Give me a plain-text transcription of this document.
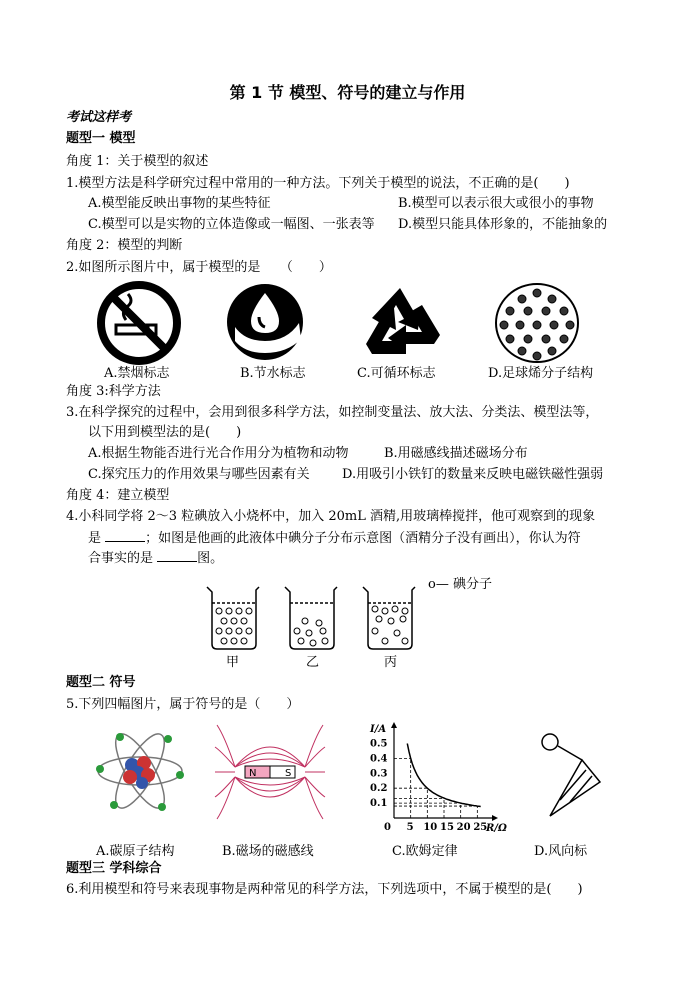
第 1 节 模型、符号的建立与作用
考试这样考
题型一 模型
角度 1：关于模型的叙述
1.模型方法是科学研究过程中常用的一种方法。下列关于模型的说法，不正确的是(　　)
A.模型能反映出事物的某些特征	B.模型可以表示很大或很小的事物
C.模型可以是实物的立体造像或一幅图、一张表等 D.模型只能具体形象的，不能抽象的
角度 2：模型的判断
2.如图所示图片中，属于模型的是　　（　　）
A.禁烟标志	B.节水标志	C.可循环标志	D.足球烯分子结构
角度 3:科学方法
3.在科学探究的过程中，会用到很多科学方法，如控制变量法、放大法、分类法、模型法等，
以下用到模型法的是(　　)
A.根据生物能否进行光合作用分为植物和动物	B.用磁感线描述磁场分布
C.探究压力的作用效果与哪些因素有关 D.用吸引小铁钉的数量来反映电磁铁磁性强弱
角度 4：建立模型
4.小科同学将 2～3 粒碘放入小烧杯中，加入 20mL 酒精,用玻璃棒搅拌，他可观察到的现象
是	；如图是他画的此液体中碘分子分布示意图（酒精分子没有画出），你认为符
合事实的是	图。
o— 碘分子
甲	乙	丙
题型二 符号
5.下列四幅图片，属于符号的是（　　）
N	S
I/A
R/Ω
0 5 10 15 20 25
0.1
0.2
0.3
0.4
0.5
A.碳原子结构	B.磁场的磁感线	C.欧姆定律	D.风向标
题型三 学科综合
6.利用模型和符号来表现事物是两种常见的科学方法，下列选项中，不属于模型的是(　　)
